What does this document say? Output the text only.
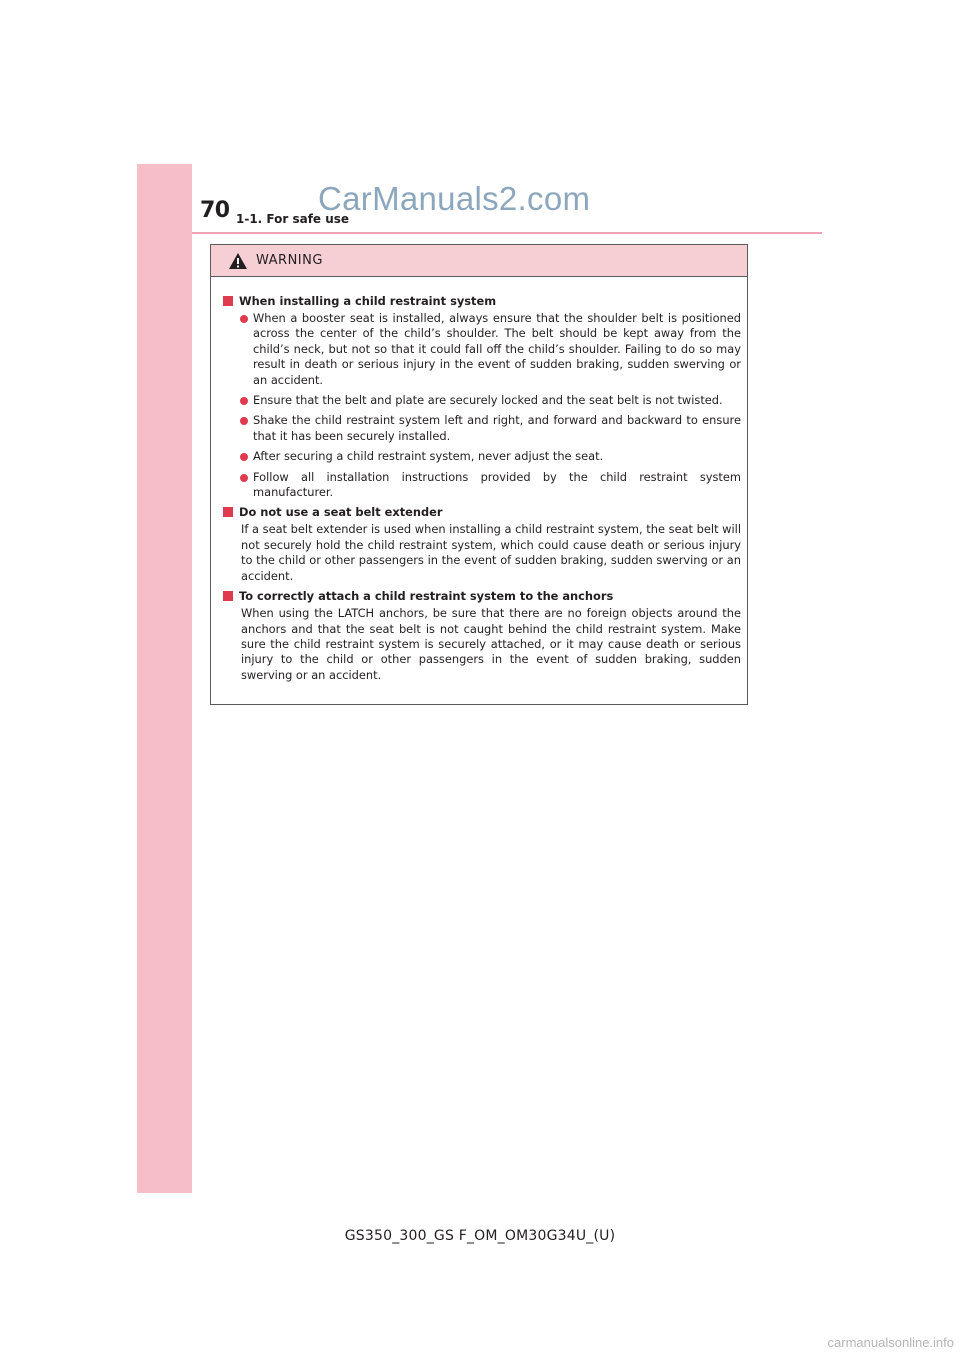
70 1-1. For safe use
CarManuals2.com
WARNING
When installing a child restraint system
When a booster seat is installed, always ensure that the shoulder belt is positioned across the center of the child’s shoulder. The belt should be kept away from the child’s neck, but not so that it could fall off the child’s shoulder. Failing to do so may result in death or serious injury in the event of sudden braking, sudden swerving or an accident.
Ensure that the belt and plate are securely locked and the seat belt is not twisted.
Shake the child restraint system left and right, and forward and backward to ensure that it has been securely installed.
After securing a child restraint system, never adjust the seat.
Follow all installation instructions provided by the child restraint system manufacturer.
Do not use a seat belt extender
If a seat belt extender is used when installing a child restraint system, the seat belt will not securely hold the child restraint system, which could cause death or serious injury to the child or other passengers in the event of sudden braking, sudden swerving or an accident.
To correctly attach a child restraint system to the anchors
When using the LATCH anchors, be sure that there are no foreign objects around the anchors and that the seat belt is not caught behind the child restraint system. Make sure the child restraint system is securely attached, or it may cause death or serious injury to the child or other passengers in the event of sudden braking, sudden swerving or an accident.
GS350_300_GS F_OM_OM30G34U_(U)
carmanualsonline.info
